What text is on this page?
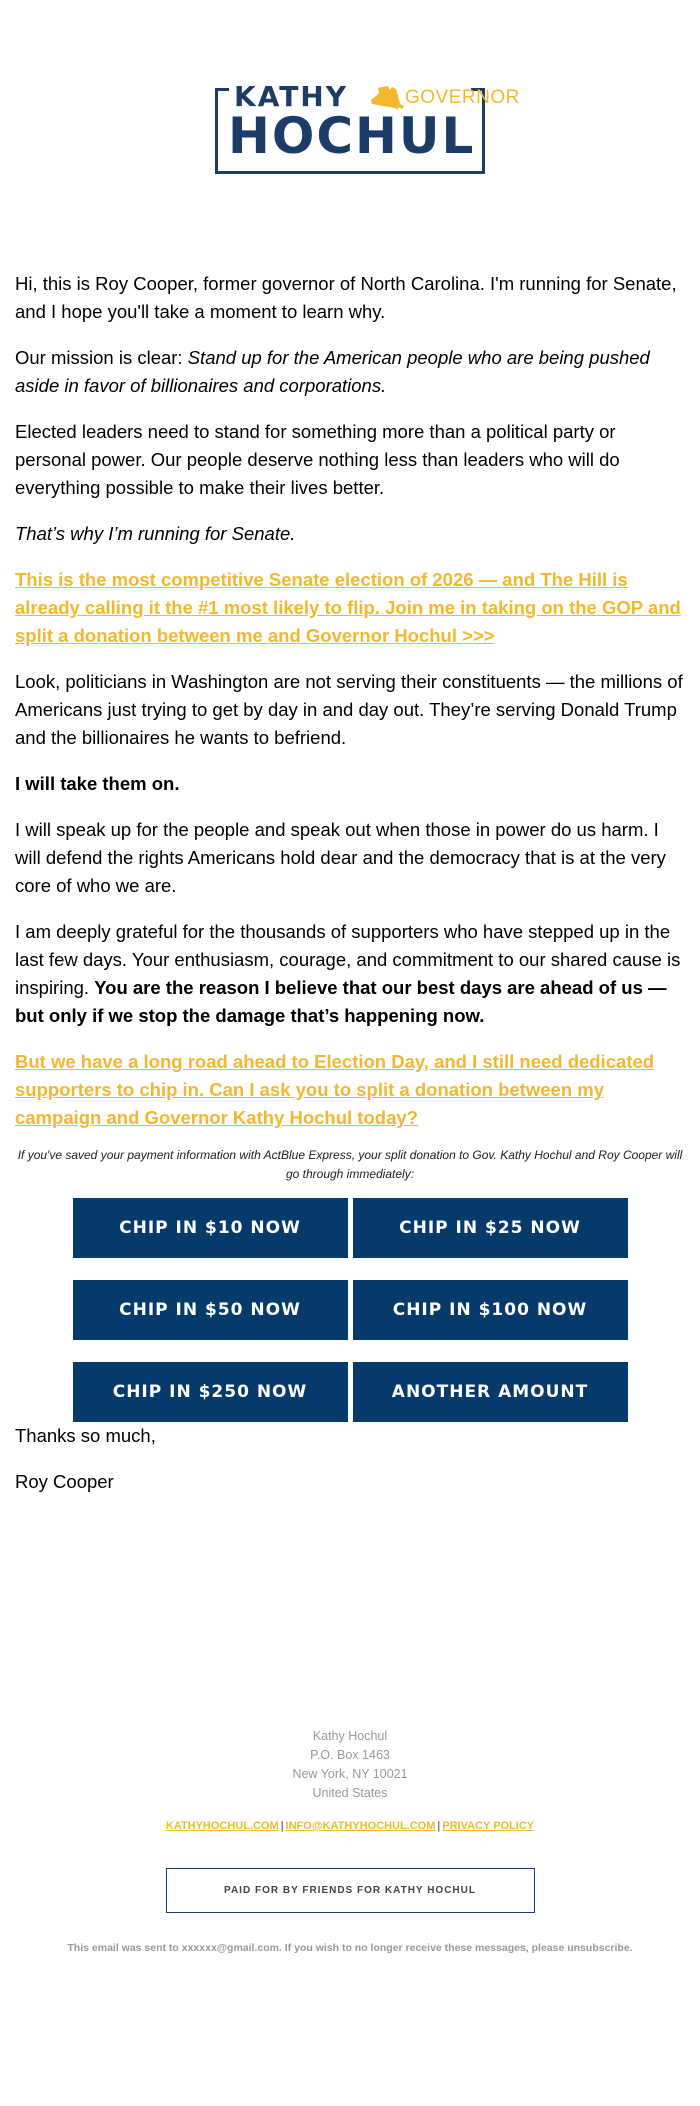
KATHY	GOVERNOR
HOCHUL

Hi, this is Roy Cooper, former governor of North Carolina. I'm running for Senate, and I hope you'll take a moment to learn why.

Our mission is clear: Stand up for the American people who are being pushed aside in favor of billionaires and corporations.

Elected leaders need to stand for something more than a political party or personal power. Our people deserve nothing less than leaders who will do everything possible to make their lives better.

That’s why I’m running for Senate.

This is the most competitive Senate election of 2026 — and The Hill is already calling it the #1 most likely to flip. Join me in taking on the GOP and split a donation between me and Governor Hochul >>>

Look, politicians in Washington are not serving their constituents — the millions of Americans just trying to get by day in and day out. They’re serving Donald Trump and the billionaires he wants to befriend.

I will take them on.

I will speak up for the people and speak out when those in power do us harm. I will defend the rights Americans hold dear and the democracy that is at the very core of who we are.

I am deeply grateful for the thousands of supporters who have stepped up in the last few days. Your enthusiasm, courage, and commitment to our shared cause is inspiring. You are the reason I believe that our best days are ahead of us — but only if we stop the damage that’s happening now.

But we have a long road ahead to Election Day, and I still need dedicated supporters to chip in. Can I ask you to split a donation between my campaign and Governor Kathy Hochul today?

If you've saved your payment information with ActBlue Express, your split donation to Gov. Kathy Hochul and Roy Cooper will go through immediately:

CHIP IN $10 NOW	CHIP IN $25 NOW
CHIP IN $50 NOW	CHIP IN $100 NOW
CHIP IN $250 NOW	ANOTHER AMOUNT

Thanks so much,

Roy Cooper

Kathy Hochul
P.O. Box 1463
New York, NY 10021
United States
KATHYHOCHUL.COM | INFO@KATHYHOCHUL.COM | PRIVACY POLICY
PAID FOR BY FRIENDS FOR KATHY HOCHUL
This email was sent to xxxxxx@gmail.com. If you wish to no longer receive these messages, please unsubscribe.
